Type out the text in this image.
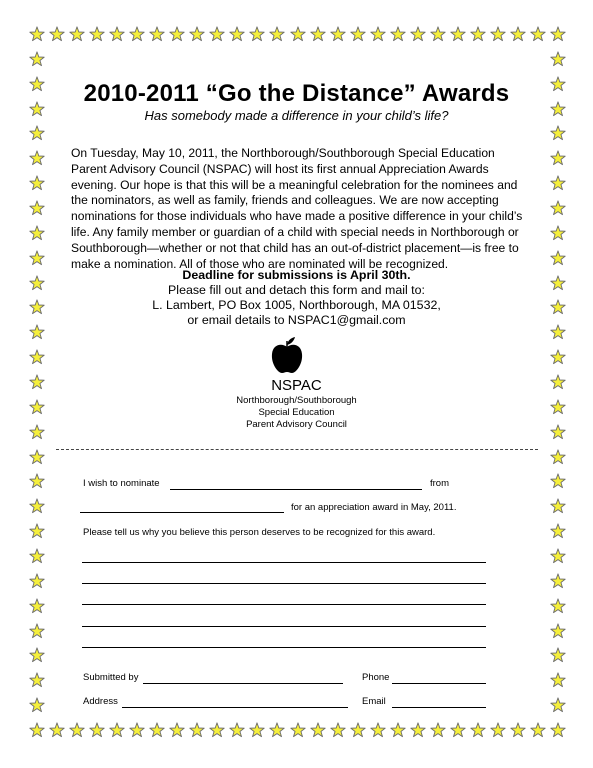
2010-2011 “Go the Distance” Awards
Has somebody made a difference in your child’s life?
On Tuesday, May 10, 2011, the Northborough/Southborough Special Education
Parent Advisory Council (NSPAC) will host its first annual Appreciation Awards
evening. Our hope is that this will be a meaningful celebration for the nominees and
the nominators, as well as family, friends and colleagues. We are now accepting
nominations for those individuals who have made a positive difference in your child’s
life. Any family member or guardian of a child with special needs in Northborough or
Southborough—whether or not that child has an out-of-district placement—is free to
make a nomination. All of those who are nominated will be recognized.
Deadline for submissions is April 30th.
Please fill out and detach this form and mail to:
L. Lambert, PO Box 1005, Northborough, MA 01532,
or email details to NSPAC1@gmail.com
NSPAC
Northborough/Southborough
Special Education
Parent Advisory Council
I wish to nominate	from
for an appreciation award in May, 2011.
Please tell us why you believe this person deserves to be recognized for this award.
Submitted by	Phone
Address	Email
